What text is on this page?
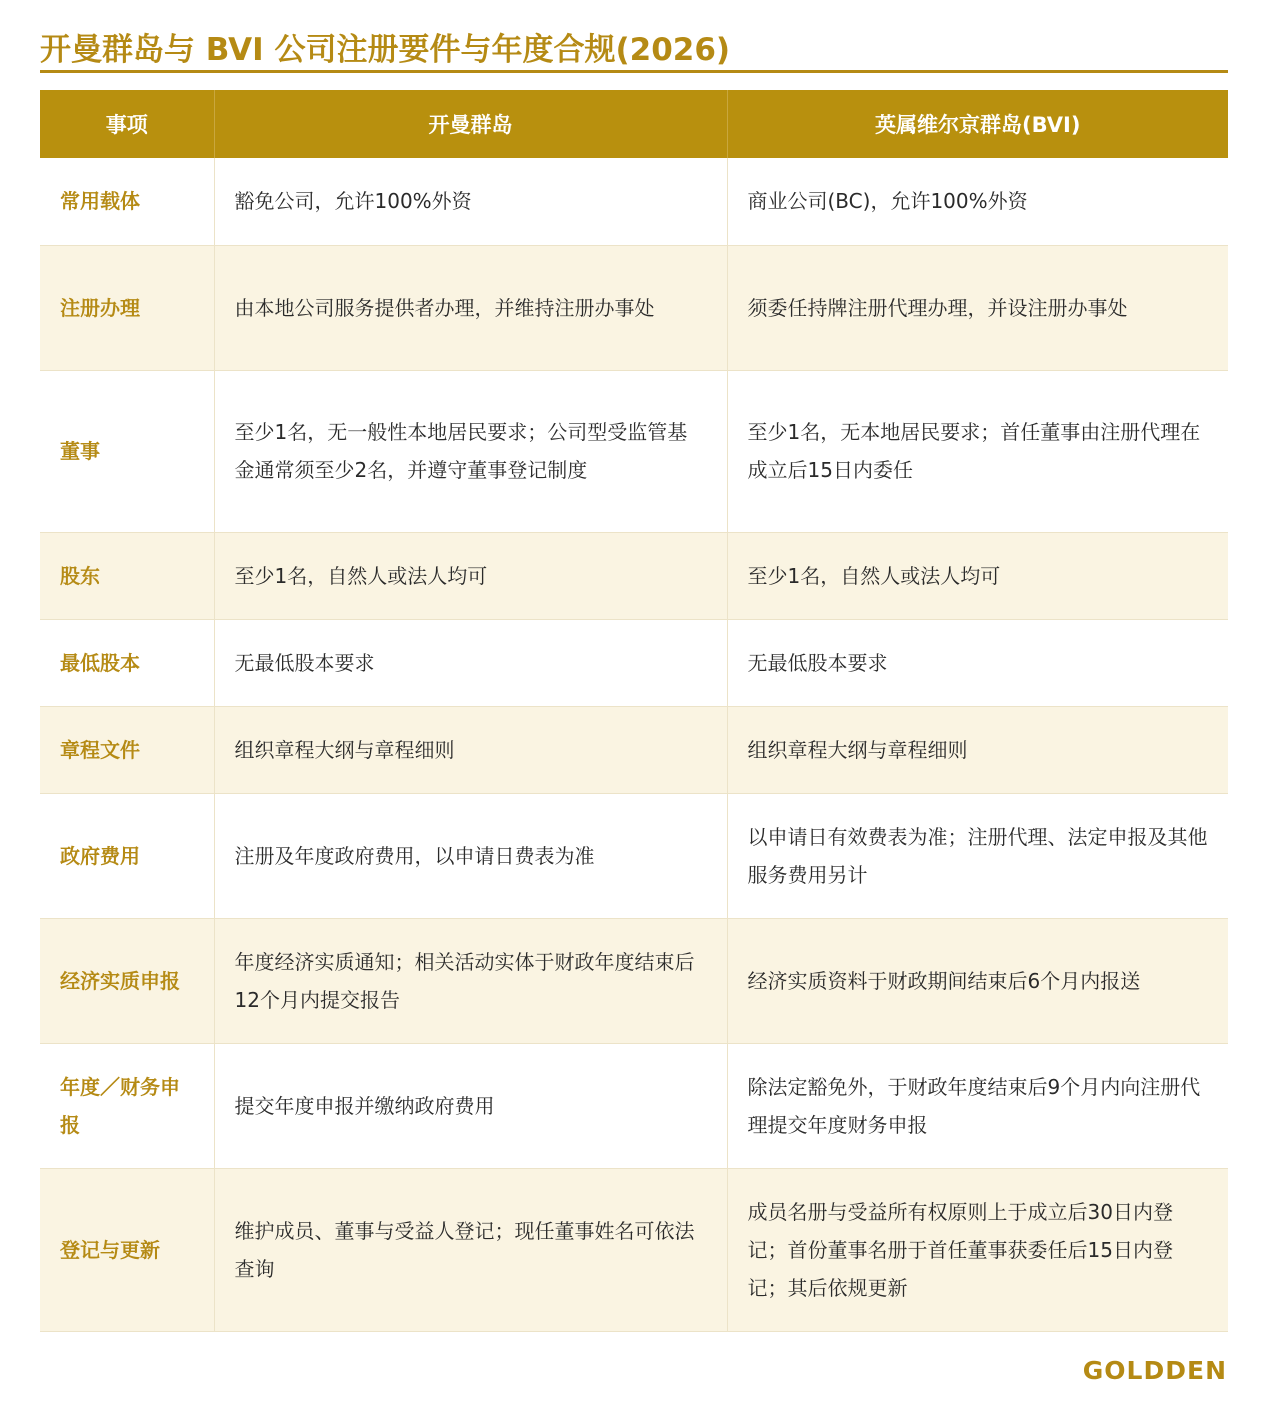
开曼群岛与 BVI 公司注册要件与年度合规(2026)
事项	开曼群岛	英属维尔京群岛(BVI)
常用载体	豁免公司，允许100%外资	商业公司(BC)，允许100%外资
注册办理	由本地公司服务提供者办理，并维持注册办事处	须委任持牌注册代理办理，并设注册办事处
董事	至少1名，无一般性本地居民要求；公司型受监管基金通常须至少2名，并遵守董事登记制度	至少1名，无本地居民要求；首任董事由注册代理在成立后15日内委任
股东	至少1名，自然人或法人均可	至少1名，自然人或法人均可
最低股本	无最低股本要求	无最低股本要求
章程文件	组织章程大纲与章程细则	组织章程大纲与章程细则
政府费用	注册及年度政府费用，以申请日费表为准	以申请日有效费表为准；注册代理、法定申报及其他服务费用另计
经济实质申报	年度经济实质通知；相关活动实体于财政年度结束后12个月内提交报告	经济实质资料于财政期间结束后6个月内报送
年度／财务申报	提交年度申报并缴纳政府费用	除法定豁免外，于财政年度结束后9个月内向注册代理提交年度财务申报
登记与更新	维护成员、董事与受益人登记；现任董事姓名可依法查询	成员名册与受益所有权原则上于成立后30日内登记；首份董事名册于首任董事获委任后15日内登记；其后依规更新
GOLDDEN
